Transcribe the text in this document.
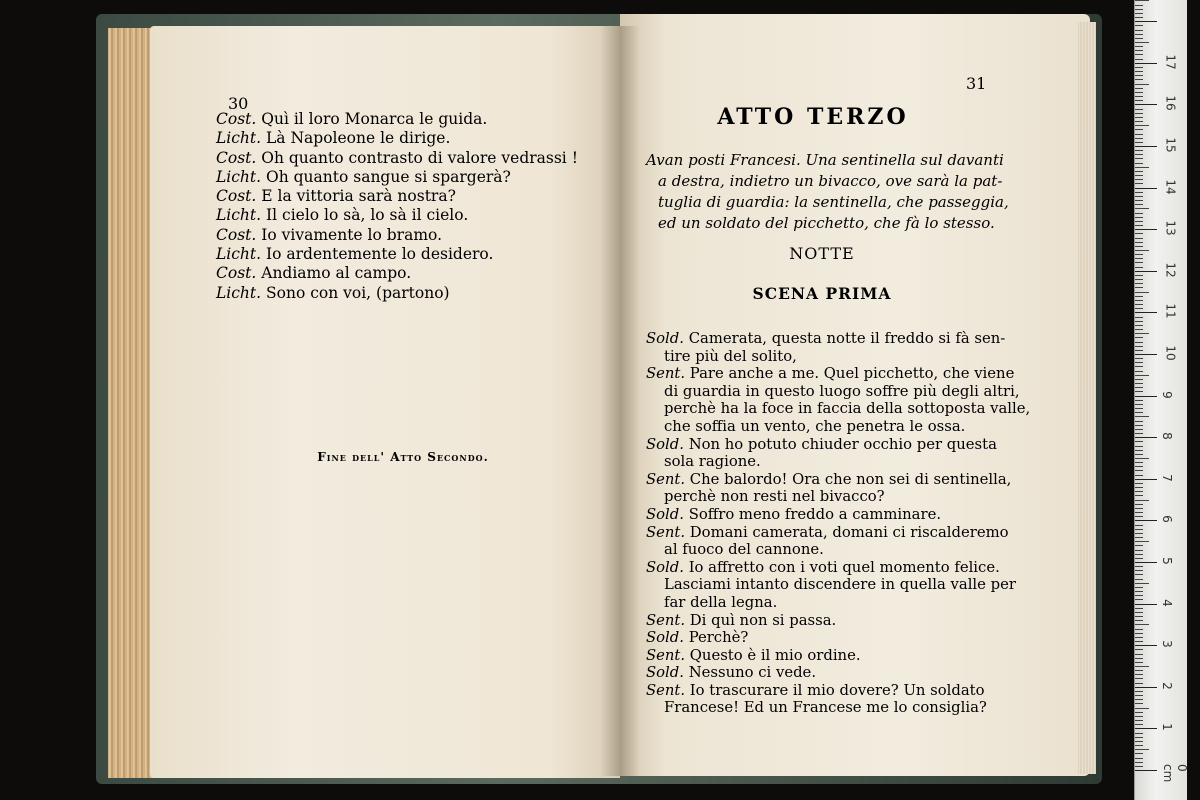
30
Cost. Quì il loro Monarca le guida.
Licht. Là Napoleone le dirige.
Cost. Oh quanto contrasto di valore vedrassi !
Licht. Oh quanto sangue si spargerà?
Cost. E la vittoria sarà nostra?
Licht. Il cielo lo sà, lo sà il cielo.
Cost. Io vivamente lo bramo.
Licht. Io ardentemente lo desidero.
Cost. Andiamo al campo.
Licht. Sono con voi, (partono)
Fine dell' Atto Secondo.
31
ATTO TERZO
Avan posti Francesi. Una sentinella sul davanti
a destra, indietro un bivacco, ove sarà la pat-
tuglia di guardia: la sentinella, che passeggia,
ed un soldato del picchetto, che fà lo stesso.
NOTTE
SCENA PRIMA
Sold. Camerata, questa notte il freddo si fà sen-
tire più del solito,
Sent. Pare anche a me. Quel picchetto, che viene
di guardia in questo luogo soffre più degli altri,
perchè ha la foce in faccia della sottoposta valle,
che soffia un vento, che penetra le ossa.
Sold. Non ho potuto chiuder occhio per questa
sola ragione.
Sent. Che balordo! Ora che non sei di sentinella,
perchè non resti nel bivacco?
Sold. Soffro meno freddo a camminare.
Sent. Domani camerata, domani ci riscalderemo
al fuoco del cannone.
Sold. Io affretto con i voti quel momento felice.
Lasciami intanto discendere in quella valle per
far della legna.
Sent. Di quì non si passa.
Sold. Perchè?
Sent. Questo è il mio ordine.
Sold. Nessuno ci vede.
Sent. Io trascurare il mio dovere? Un soldato
Francese! Ed un Francese me lo consiglia?
0 cm
1
2
3
4
5
6
7
8
9
10
11
12
13
14
15
16
17
